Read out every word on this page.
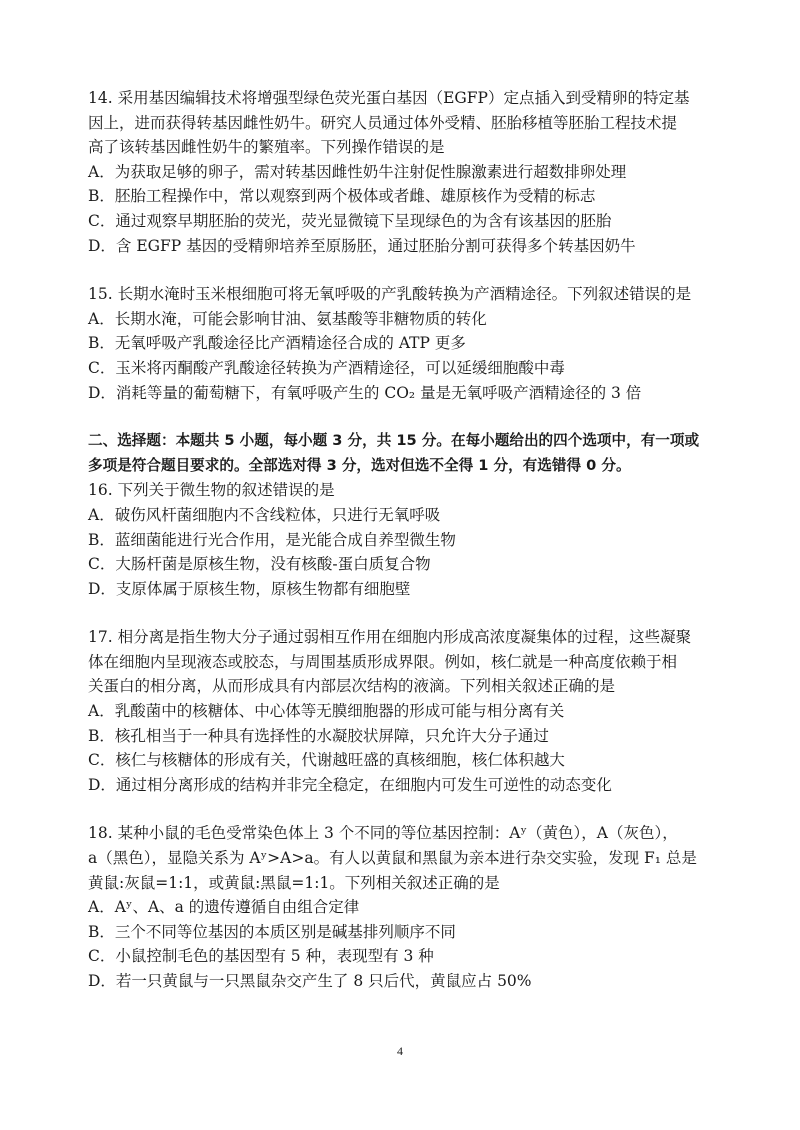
14. 采用基因编辑技术将增强型绿色荧光蛋白基因（EGFP）定点插入到受精卵的特定基
因上，进而获得转基因雌性奶牛。研究人员通过体外受精、胚胎移植等胚胎工程技术提
高了该转基因雌性奶牛的繁殖率。下列操作错误的是
A．为获取足够的卵子，需对转基因雌性奶牛注射促性腺激素进行超数排卵处理
B．胚胎工程操作中，常以观察到两个极体或者雌、雄原核作为受精的标志
C．通过观察早期胚胎的荧光，荧光显微镜下呈现绿色的为含有该基因的胚胎
D．含 EGFP 基因的受精卵培养至原肠胚，通过胚胎分割可获得多个转基因奶牛
15. 长期水淹时玉米根细胞可将无氧呼吸的产乳酸转换为产酒精途径。下列叙述错误的是
A．长期水淹，可能会影响甘油、氨基酸等非糖物质的转化
B．无氧呼吸产乳酸途径比产酒精途径合成的 ATP 更多
C．玉米将丙酮酸产乳酸途径转换为产酒精途径，可以延缓细胞酸中毒
D．消耗等量的葡萄糖下，有氧呼吸产生的 CO₂ 量是无氧呼吸产酒精途径的 3 倍
二、选择题：本题共 5 小题，每小题 3 分，共 15 分。在每小题给出的四个选项中，有一项或
多项是符合题目要求的。全部选对得 3 分，选对但选不全得 1 分，有选错得 0 分。
16. 下列关于微生物的叙述错误的是
A．破伤风杆菌细胞内不含线粒体，只进行无氧呼吸
B．蓝细菌能进行光合作用，是光能合成自养型微生物
C．大肠杆菌是原核生物，没有核酸-蛋白质复合物
D．支原体属于原核生物，原核生物都有细胞壁
17. 相分离是指生物大分子通过弱相互作用在细胞内形成高浓度凝集体的过程，这些凝聚
体在细胞内呈现液态或胶态，与周围基质形成界限。例如，核仁就是一种高度依赖于相
关蛋白的相分离，从而形成具有内部层次结构的液滴。下列相关叙述正确的是
A．乳酸菌中的核糖体、中心体等无膜细胞器的形成可能与相分离有关
B．核孔相当于一种具有选择性的水凝胶状屏障，只允许大分子通过
C．核仁与核糖体的形成有关，代谢越旺盛的真核细胞，核仁体积越大
D．通过相分离形成的结构并非完全稳定，在细胞内可发生可逆性的动态变化
18. 某种小鼠的毛色受常染色体上 3 个不同的等位基因控制：Aʸ（黄色），A（灰色），
a（黑色），显隐关系为 Aʸ>A>a。有人以黄鼠和黑鼠为亲本进行杂交实验，发现 F₁ 总是
黄鼠:灰鼠=1:1，或黄鼠:黑鼠=1:1。下列相关叙述正确的是
A．Aʸ、A、a 的遗传遵循自由组合定律
B．三个不同等位基因的本质区别是碱基排列顺序不同
C．小鼠控制毛色的基因型有 5 种，表现型有 3 种
D．若一只黄鼠与一只黑鼠杂交产生了 8 只后代，黄鼠应占 50%
4
